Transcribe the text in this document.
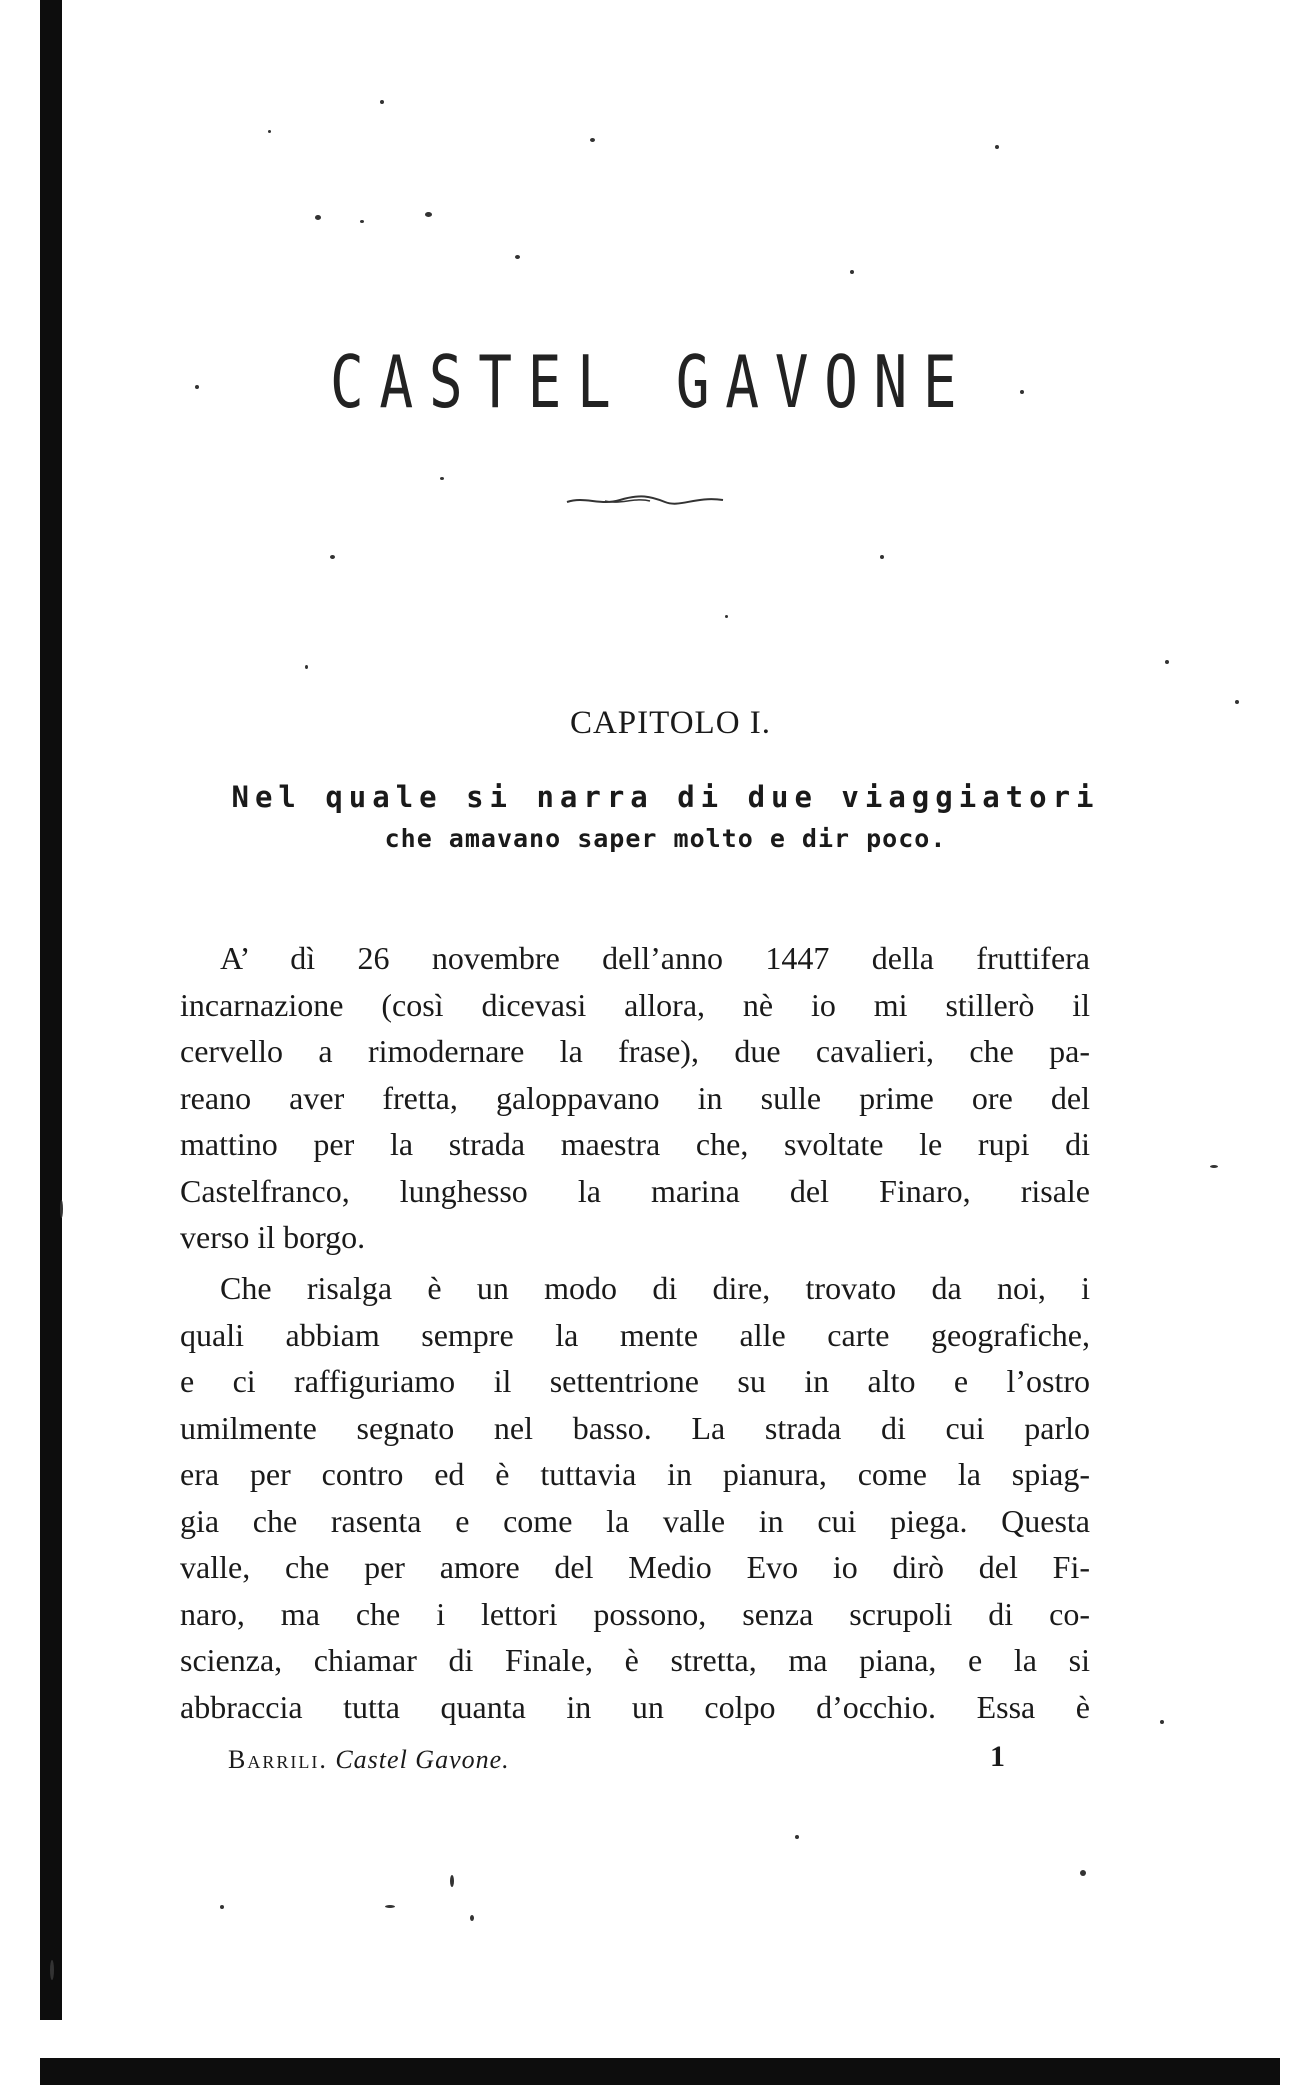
CASTEL GAVONE
CAPITOLO I.
Nel quale si narra di due viaggiatori
che amavano saper molto e dir poco.
A’ dì 26 novembre dell’anno 1447 della fruttifera
incarnazione (così dicevasi allora, nè io mi stillerò il
cervello a rimodernare la frase), due cavalieri, che pa-
reano aver fretta, galoppavano in sulle prime ore del
mattino per la strada maestra che, svoltate le rupi di
Castelfranco, lunghesso la marina del Finaro, risale
verso il borgo.
Che risalga è un modo di dire, trovato da noi, i
quali abbiam sempre la mente alle carte geografiche,
e ci raffiguriamo il settentrione su in alto e l’ostro
umilmente segnato nel basso. La strada di cui parlo
era per contro ed è tuttavia in pianura, come la spiag-
gia che rasenta e come la valle in cui piega. Questa
valle, che per amore del Medio Evo io dirò del Fi-
naro, ma che i lettori possono, senza scrupoli di co-
scienza, chiamar di Finale, è stretta, ma piana, e la si
abbraccia tutta quanta in un colpo d’occhio. Essa è
Barrili. Castel Gavone.	1
